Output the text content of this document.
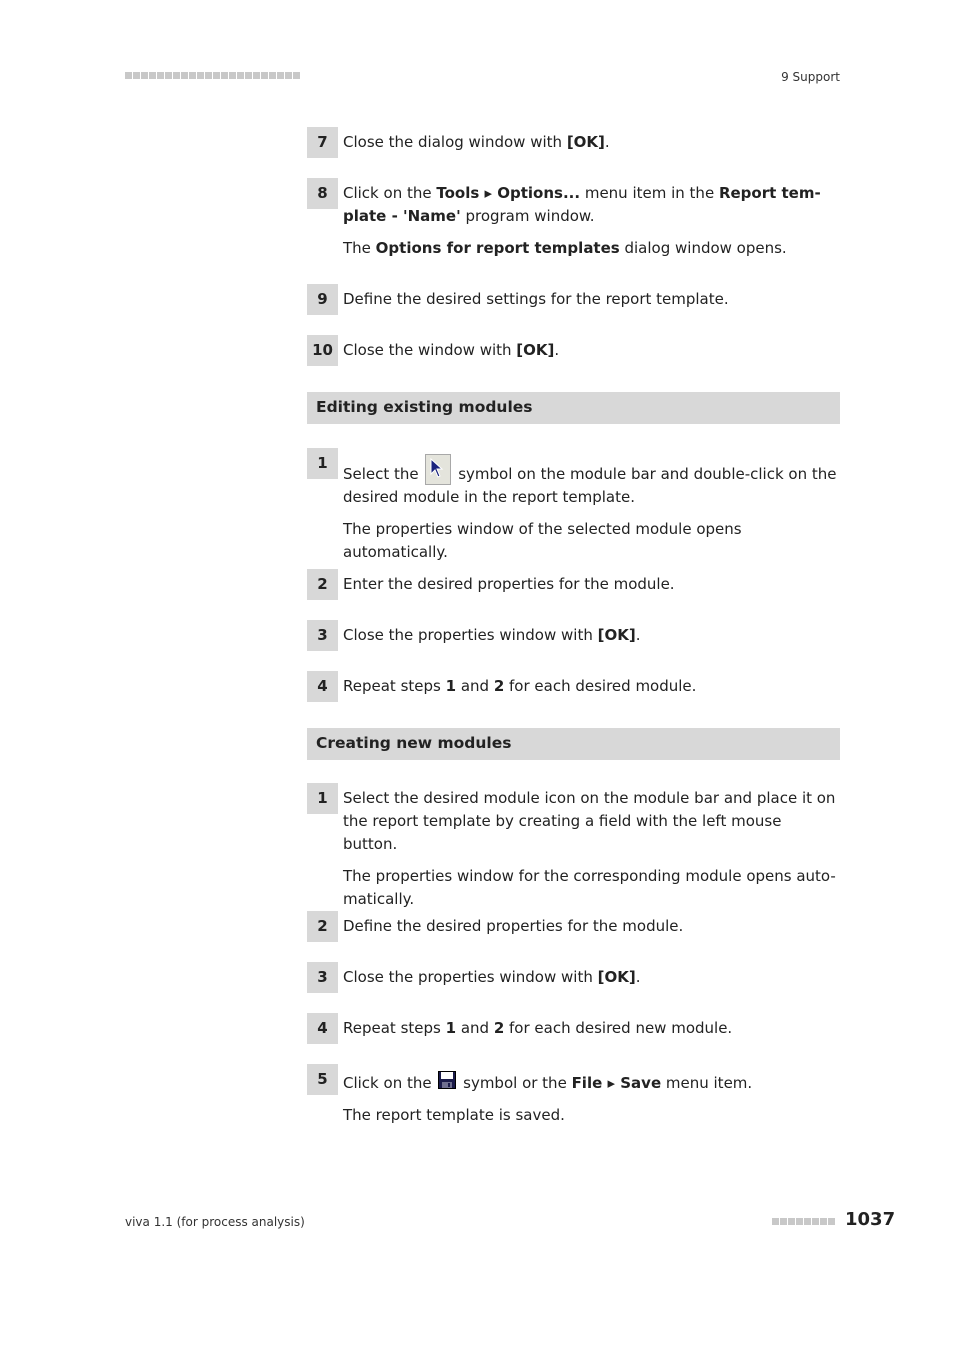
9 Support
7	Close the dialog window with [OK].

8	Click on the Tools ▸ Options... menu item in the Report tem-plate - 'Name' program window.

The Options for report templates dialog window opens.

9	Define the desired settings for the report template.

10 Close the window with [OK].

Editing existing modules
1

Select the
symbol on the module bar and double-click on the desired module in the report template.

The properties window of the selected module opens automatically.

2	Enter the desired properties for the module.

3	Close the properties window with [OK].

4	Repeat steps 1 and 2 for each desired module.

Creating new modules
1	Select the desired module icon on the module bar and place it on the report template by creating a field with the left mouse button.

The properties window for the corresponding module opens auto-matically.

2	Define the desired properties for the module.

3	Close the properties window with [OK].

4	Repeat steps 1 and 2 for each desired new module.

5	Click on the  symbol or the File ▸ Save menu item.

The report template is saved.

viva 1.1 (for process analysis)	1037
